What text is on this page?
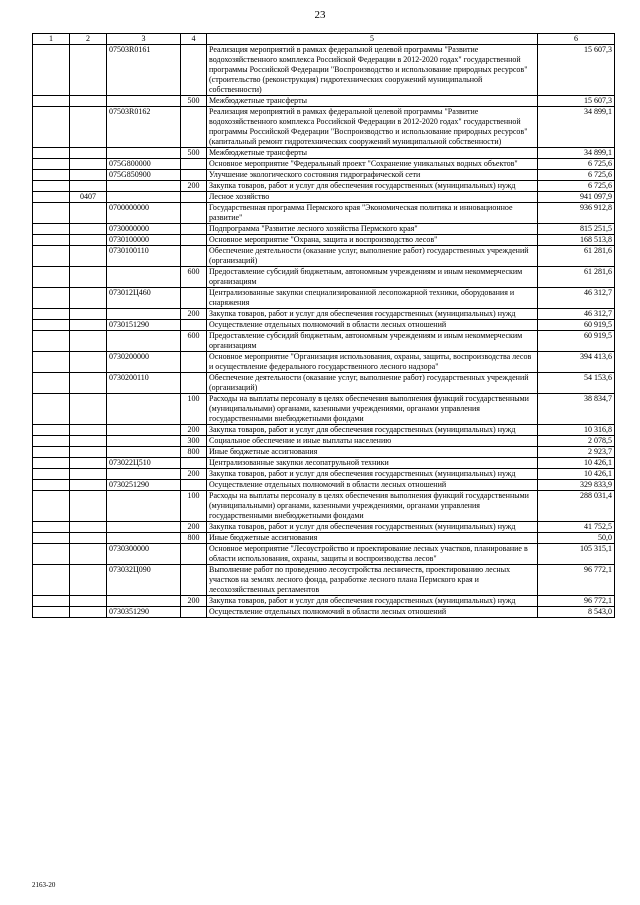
23
1	2	3	4	5	6
		07503R0161		Реализация мероприятий в рамках федеральной целевой программы "Развитие водохозяйственного комплекса Российской Федерации в 2012-2020 годах" государственной программы Российской Федерации "Воспроизводство и использование природных ресурсов" (строительство (реконструкция) гидротехнических сооружений муниципальной собственности)	15 607,3
			500	Межбюджетные трансферты	15 607,3
		07503R0162		Реализация мероприятий в рамках федеральной целевой программы "Развитие водохозяйственного комплекса Российской Федерации в 2012-2020 годах" государственной программы Российской Федерации "Воспроизводство и использование природных ресурсов" (капитальный ремонт гидротехнических сооружений муниципальной собственности)	34 899,1
			500	Межбюджетные трансферты	34 899,1
		075G800000		Основное мероприятие "Федеральный проект "Сохранение уникальных водных объектов"	6 725,6
		075G850900		Улучшение экологического состояния гидрографической сети	6 725,6
			200	Закупка товаров, работ и услуг для обеспечения государственных (муниципальных) нужд	6 725,6
	0407			Лесное хозяйство	941 097,9
		0700000000		Государственная программа Пермского края "Экономическая политика и инновационное развитие"	936 912,8
		0730000000		Подпрограмма "Развитие лесного хозяйства Пермского края"	815 251,5
		0730100000		Основное мероприятие "Охрана, защита и воспроизводство лесов"	168 513,8
		0730100110		Обеспечение деятельности (оказание услуг, выполнение работ) государственных учреждений (организаций)	61 281,6
			600	Предоставление субсидий бюджетным, автономным учреждениям и иным некоммерческим организациям	61 281,6
		073012Ц460		Централизованные закупки специализированной лесопожарной техники, оборудования и снаряжения	46 312,7
			200	Закупка товаров, работ и услуг для обеспечения государственных (муниципальных) нужд	46 312,7
		0730151290		Осуществление отдельных полномочий в области лесных отношений	60 919,5
			600	Предоставление субсидий бюджетным, автономным учреждениям и иным некоммерческим организациям	60 919,5
		0730200000		Основное мероприятие "Организация использования, охраны, защиты, воспроизводства лесов и осуществление федерального государственного лесного надзора"	394 413,6
		0730200110		Обеспечение деятельности (оказание услуг, выполнение работ) государственных учреждений (организаций)	54 153,6
			100	Расходы на выплаты персоналу в целях обеспечения выполнения функций государственными (муниципальными) органами, казенными учреждениями, органами управления государственными внебюджетными фондами	38 834,7
			200	Закупка товаров, работ и услуг для обеспечения государственных (муниципальных) нужд	10 316,8
			300	Социальное обеспечение и иные выплаты населению	2 078,5
			800	Иные бюджетные ассигнования	2 923,7
		073022Ц510		Централизованные закупки лесопатрульной техники	10 426,1
			200	Закупка товаров, работ и услуг для обеспечения государственных (муниципальных) нужд	10 426,1
		0730251290		Осуществление отдельных полномочий в области лесных отношений	329 833,9
			100	Расходы на выплаты персоналу в целях обеспечения выполнения функций государственными (муниципальными) органами, казенными учреждениями, органами управления государственными внебюджетными фондами	288 031,4
			200	Закупка товаров, работ и услуг для обеспечения государственных (муниципальных) нужд	41 752,5
			800	Иные бюджетные ассигнования	50,0
		0730300000		Основное мероприятие "Лесоустройство и проектирование лесных участков, планирование в области использования, охраны, защиты и воспроизводства лесов"	105 315,1
		073032Ц090		Выполнение работ по проведению лесоустройства лесничеств, проектированию лесных участков на землях лесного фонда, разработке лесного плана Пермского края и лесохозяйственных регламентов	96 772,1
			200	Закупка товаров, работ и услуг для обеспечения государственных (муниципальных) нужд	96 772,1
		0730351290		Осуществление отдельных полномочий в области лесных отношений	8 543,0
2163-20
